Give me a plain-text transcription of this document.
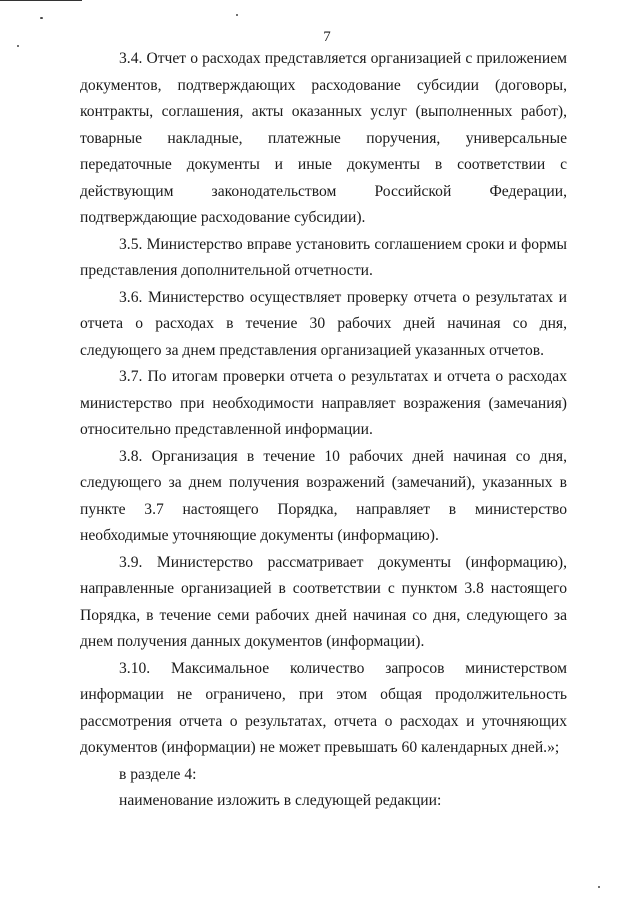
7

3.4. Отчет о расходах представляется организацией с приложением документов, подтверждающих расходование субсидии (договоры, контракты, соглашения, акты оказанных услуг (выполненных работ), товарные накладные, платежные поручения, универсальные передаточные документы и иные документы в соответствии с действующим законодательством Российской Федерации, подтверждающие расходование субсидии).

3.5. Министерство вправе установить соглашением сроки и формы представления дополнительной отчетности.

3.6. Министерство осуществляет проверку отчета о результатах и отчета о расходах в течение 30 рабочих дней начиная со дня, следующего за днем представления организацией указанных отчетов.

3.7. По итогам проверки отчета о результатах и отчета о расходах министерство при необходимости направляет возражения (замечания) относительно представленной информации.

3.8. Организация в течение 10 рабочих дней начиная со дня, следующего за днем получения возражений (замечаний), указанных в пункте 3.7 настоящего Порядка, направляет в министерство необходимые уточняющие документы (информацию).

3.9. Министерство рассматривает документы (информацию), направленные организацией в соответствии с пунктом 3.8 настоящего Порядка, в течение семи рабочих дней начиная со дня, следующего за днем получения данных документов (информации).

3.10. Максимальное количество запросов министерством информации не ограничено, при этом общая продолжительность рассмотрения отчета о результатах, отчета о расходах и уточняющих документов (информации) не может превышать 60 календарных дней.»;

в разделе 4:

наименование изложить в следующей редакции:
